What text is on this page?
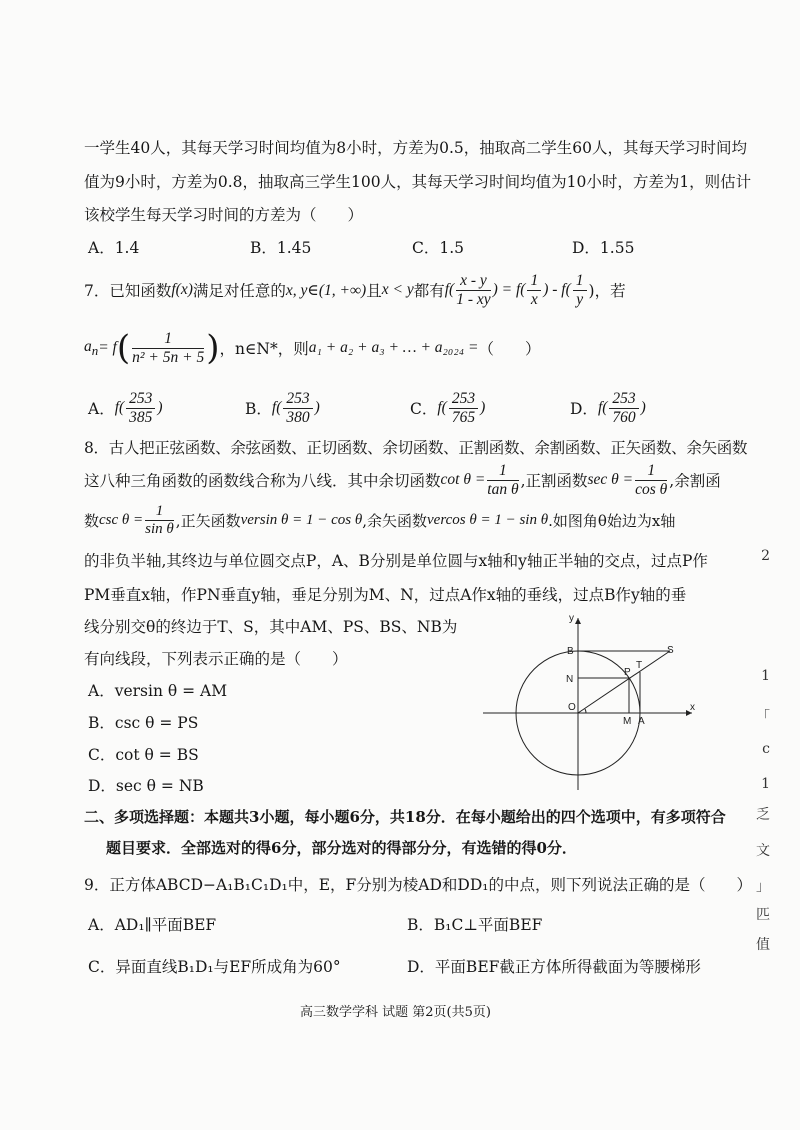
一学生40人，其每天学习时间均值为8小时，方差为0.5，抽取高二学生60人，其每天学习时间均
值为9小时，方差为0.8，抽取高三学生100人，其每天学习时间均值为10小时，方差为1，则估计
该校学生每天学习时间的方差为（　　）
A．1.4	B．1.45	C．1.5	D．1.55
7．已知函数 f(x) 满足对任意的 x, y∈(1, +∞) 且 x < y 都有 $f( \frac{x - y}{1 - xy}$ ) = $f( \frac{1}{x}$ ) - $f( \frac{1}{y}$ )，若
$a_n = f$ ( $\frac{1}{\text{n² + 5n + 5}}$ ) ，n∈N*，则 a₁ + a₂ + a₃ + … + a₂₀₂₄ = （　　）
A． $f( \frac{253}{385}$ )	B． $f( \frac{253}{380}$ )	C． $f( \frac{253}{765}$ )	D． $f( \frac{253}{760}$ )
8．古人把正弦函数、余弦函数、正切函数、余切函数、正割函数、余割函数、正矢函数、余矢函数
这八种三角函数的函数线合称为八线．其中余切函数 $\cot \theta = \frac{1}{\text{tan θ}}$ ,正割函数 $\sec \theta = \frac{1}{\text{cos θ}}$ ,余割函
数 $\csc \theta = \frac{1}{\text{sin θ}}$ ,正矢函数 versin θ = 1 − cos θ ,余矢函数 vercos θ = 1 − sin θ .如图角θ始边为x轴
的非负半轴,其终边与单位圆交点P，A、B分别是单位圆与x轴和y轴正半轴的交点，过点P作
PM垂直x轴，作PN垂直y轴，垂足分别为M、N，过点A作x轴的垂线，过点B作y轴的垂
线分别交θ的终边于T、S，其中AM、PS、BS、NB为
有向线段，下列表示正确的是（　　）
A．versin θ = AM
B．csc θ = PS
C．cot θ = BS
D．sec θ = NB
y
x
B	S
T
P
N
O
M A
二、多项选择题：本题共3小题，每小题6分，共18分．在每小题给出的四个选项中，有多项符合
题目要求．全部选对的得6分，部分选对的得部分分，有选错的得0分．
9．正方体ABCD−A₁B₁C₁D₁中，E，F分别为棱AD和DD₁的中点，则下列说法正确的是（　　）
A．AD₁∥平面BEF	B．B₁C⊥平面BEF
C．异面直线B₁D₁与EF所成角为60°	D．平面BEF截正方体所得截面为等腰梯形
高三数学学科 试题 第2页(共5页)
2
1
「
c
1
乏
文
」
匹
值
